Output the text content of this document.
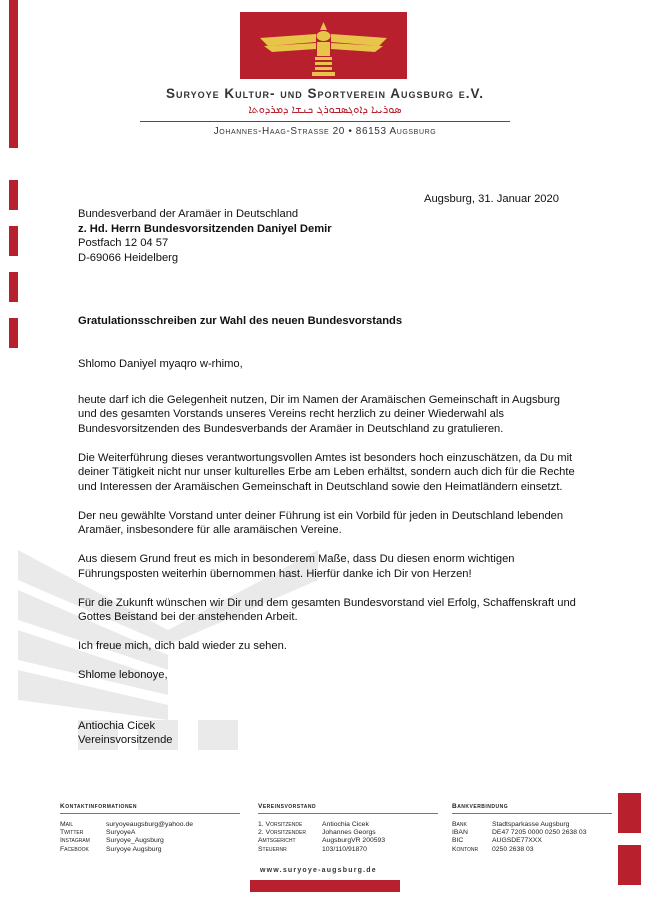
Suryoye Kultur- und Sportverein Augsburg e.V.
ܣܘܪܝܝܐ ܕܐܘܓܣܒܘܪܓ ܟܢܫܐ ܕܡܪܕܘܬܐ
Johannes-Haag-Strasse 20 • 86153 Augsburg
Augsburg, 31. Januar 2020
Bundesverband der Aramäer in Deutschland
z. Hd. Herrn Bundesvorsitzenden Daniyel Demir
Postfach 12 04 57
D-69066 Heidelberg
Gratulationsschreiben zur Wahl des neuen Bundesvorstands

Shlomo Daniyel myaqro w-rhimo,

heute darf ich die Gelegenheit nutzen, Dir im Namen der Aramäischen Gemeinschaft in Augsburg und des gesamten Vorstands unseres Vereins recht herzlich zu deiner Wiederwahl als Bundesvorsitzenden des Bundesverbands der Aramäer in Deutschland zu gratulieren.

Die Weiterführung dieses verantwortungsvollen Amtes ist besonders hoch einzuschätzen, da Du mit deiner Tätigkeit nicht nur unser kulturelles Erbe am Leben erhältst, sondern auch dich für die Rechte und Interessen der Aramäischen Gemeinschaft in Deutschland sowie den Heimatländern einsetzt.

Der neu gewählte Vorstand unter deiner Führung ist ein Vorbild für jeden in Deutschland lebenden Aramäer, insbesondere für alle aramäischen Vereine.

Aus diesem Grund freut es mich in besonderem Maße, dass Du diesen enorm wichtigen Führungsposten weiterhin übernommen hast. Hierfür danke ich Dir von Herzen!

Für die Zukunft wünschen wir Dir und dem gesamten Bundesvorstand viel Erfolg, Schaffenskraft und Gottes Beistand bei der anstehenden Arbeit.

Ich freue mich, dich bald wieder zu sehen.

Shlome lebonoye,

Antiochia Cicek
Vereinsvorsitzende
Kontaktinformationen	Vereinsvorstand	Bankverbindung
Mail	suryoyeaugsburg@yahoo.de
Twitter	SuryoyeA
Instagram	Suryoye_Augsburg
Facebook	Suryoye Augsburg
1. Vorsitzende	Antiochia Cicek
2. Vorsitzender	Johannes Georgs
Amtsgericht	AugsburgVR 200593
Steuernr	103/110/91870
Bank	Stadtsparkasse Augsburg
IBAN	DE47 7205 0000 0250 2638 03
BIC	AUGSDE77XXX
Kontonr	0250 2638 03
www.suryoye-augsburg.de
